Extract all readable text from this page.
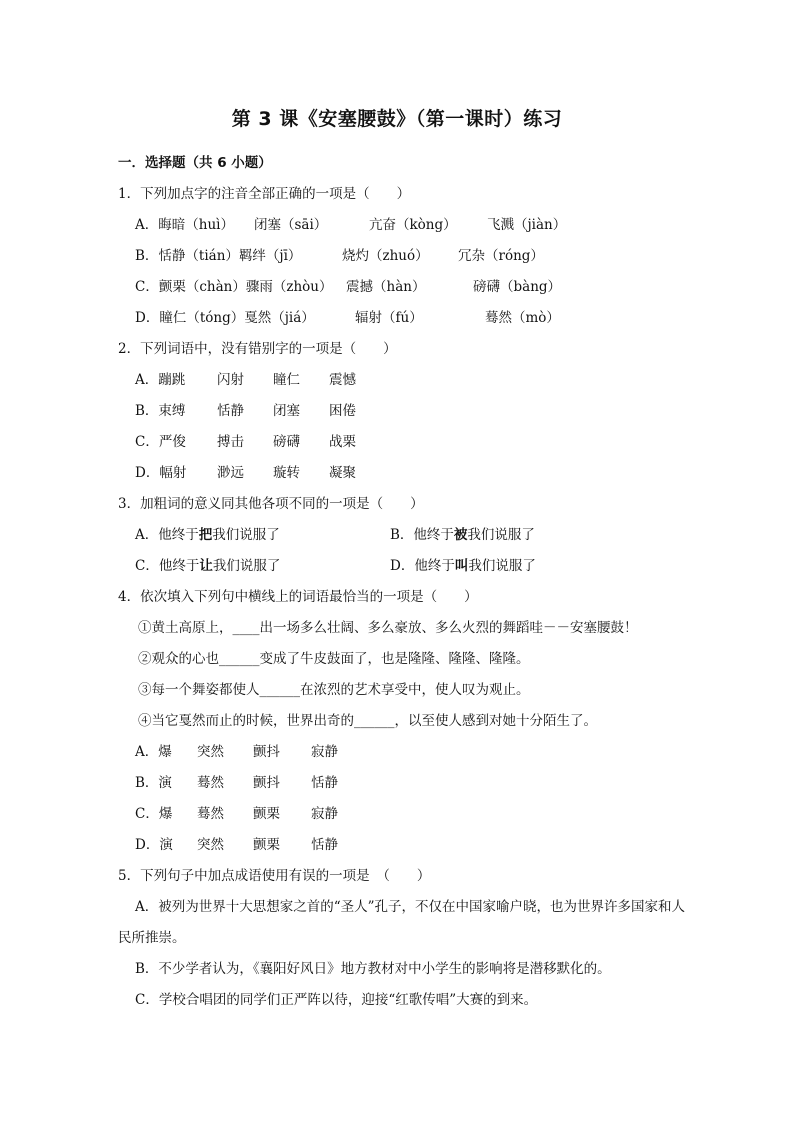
第 3 课《安塞腰鼓》（第一课时）练习
一．选择题（共 6 小题）
1．下列加点字的注音全部正确的一项是（　　）
A．晦暗（huì） 闭塞（sāi）	亢奋（kòng） 飞溅（jiàn）
B．恬静（tián）羁绊（jī）	烧灼（zhuó） 冗杂（róng）
C．颤栗（chàn）骤雨（zhòu） 震撼（hàn）	磅礴（bàng）
D．瞳仁（tóng）戛然（jiá）	辐射（fú）	蓦然（mò）
2．下列词语中，没有错别字的一项是（　　）
A．蹦跳 闪射 瞳仁 震憾
B．束缚 恬静 闭塞 困倦
C．严俊 搏击 磅礴 战栗
D．幅射 渺远 璇转 凝聚
3．加粗词的意义同其他各项不同的一项是（　　）
A．他终于把我们说服了	B．他终于被我们说服了
C．他终于让我们说服了	D．他终于叫我们说服了
4．依次填入下列句中横线上的词语最恰当的一项是（　　）
①黄土高原上，____出一场多么壮阔、多么豪放、多么火烈的舞蹈哇－－安塞腰鼓！
②观众的心也______变成了牛皮鼓面了，也是隆隆、隆隆、隆隆。
③每一个舞姿都使人______在浓烈的艺术享受中，使人叹为观止。
④当它戛然而止的时候，世界出奇的______，以至使人感到对她十分陌生了。
A．爆 突然 颤抖 寂静
B．演 蓦然 颤抖 恬静
C．爆 蓦然 颤栗 寂静
D．演 突然 颤栗 恬静
5．下列句子中加点成语使用有误的一项是　（　　）
A．被列为世界十大思想家之首的“圣人”孔子，不仅在中国家喻户晓，也为世界许多国家和人民所推崇。
B．不少学者认为，《襄阳好风日》地方教材对中小学生的影响将是潜移默化的。
C．学校合唱团的同学们正严阵以待，迎接“红歌传唱”大赛的到来。
